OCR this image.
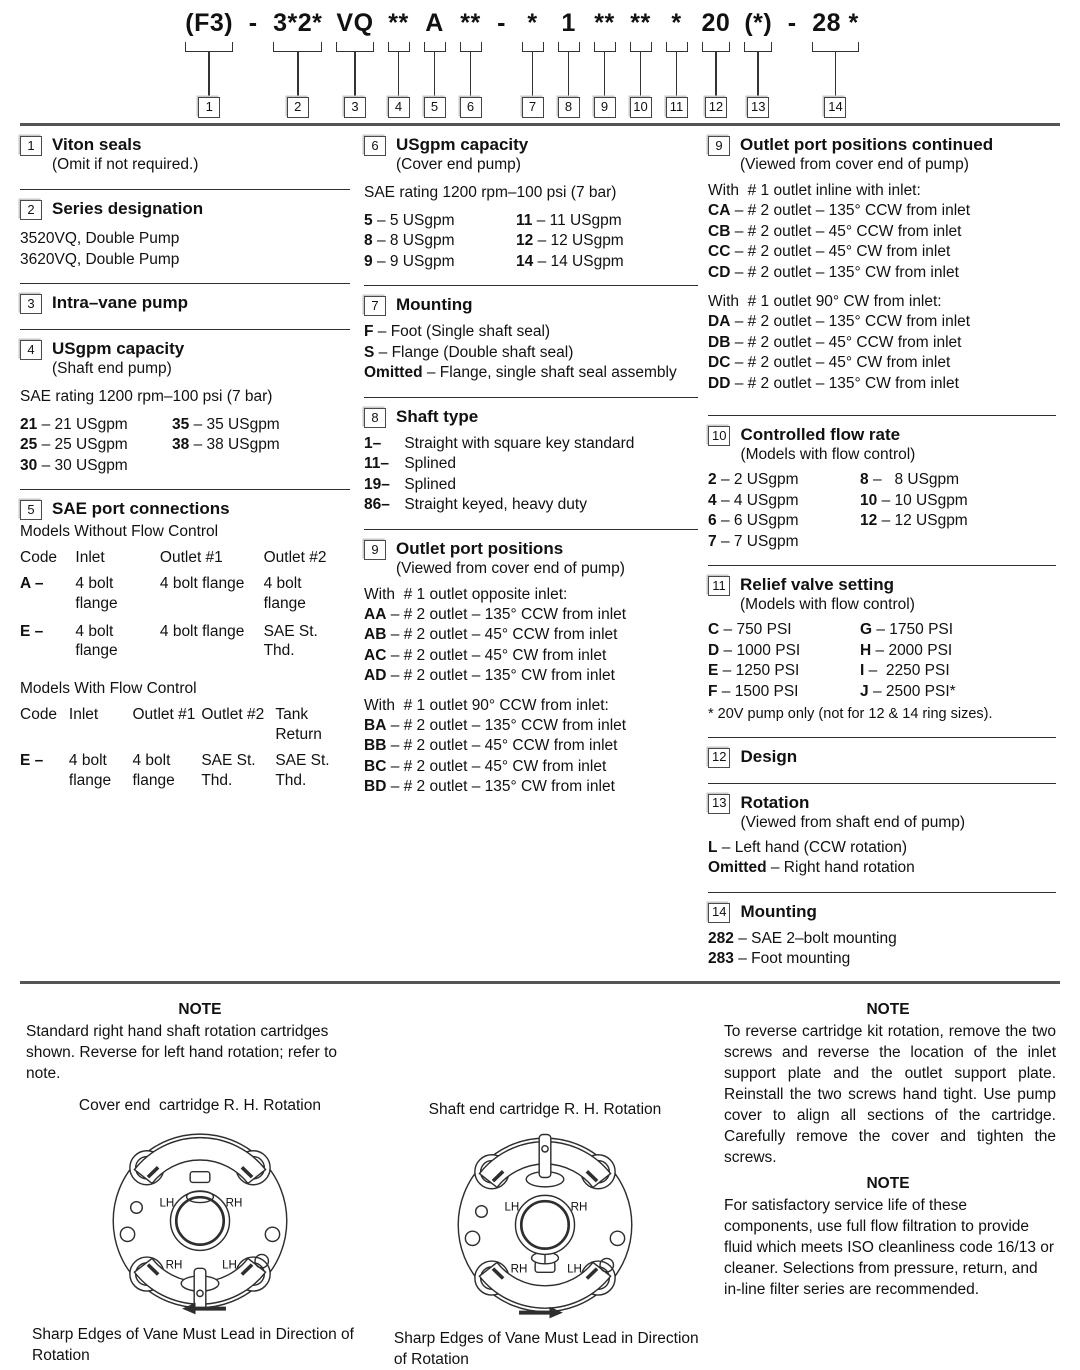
(F3)
1
- 3*2*
2
VQ
3
**
4
A
5
**
6
- *
7
1
8
**
9
**
10
*
11
20
12
(*)
13
- 28 *
14
1	Viton seals
(Omit if not required.)
2	Series designation
3520VQ, Double Pump
3620VQ, Double Pump
3	Intra–vane pump
4	USgpm capacity
(Shaft end pump)
SAE rating 1200 rpm–100 psi (7 bar)
21 – 21 USgpm
25 – 25 USgpm
30 – 30 USgpm
35 – 35 USgpm
38 – 38 USgpm
5	SAE port connections
Models Without Flow Control
Code	Inlet	Outlet #1	Outlet #2
A –	4 bolt flange	4 bolt flange	4 bolt flange
E –	4 bolt flange	4 bolt flange	SAE St. Thd.
Models With Flow Control
Code	Inlet	Outlet #1	Outlet #2	Tank Return
E –	4 bolt flange	4 bolt flange	SAE St. Thd.	SAE St. Thd.
6	USgpm capacity
(Cover end pump)
SAE rating 1200 rpm–100 psi (7 bar)
5 – 5 USgpm
8 – 8 USgpm
9 – 9 USgpm
11 – 11 USgpm
12 – 12 USgpm
14 – 14 USgpm
7	Mounting
F – Foot (Single shaft seal)
S – Flange (Double shaft seal)
Omitted – Flange, single shaft seal assembly
8	Shaft type
1– Straight with square key standard
11– Splined
19– Splined
86– Straight keyed, heavy duty
9	Outlet port positions
(Viewed from cover end of pump)
With  # 1 outlet opposite inlet:
AA – # 2 outlet – 135° CCW from inlet
AB – # 2 outlet – 45° CCW from inlet
AC – # 2 outlet – 45° CW from inlet
AD – # 2 outlet – 135° CW from inlet
With  # 1 outlet 90° CCW from inlet:
BA – # 2 outlet – 135° CCW from inlet
BB – # 2 outlet – 45° CCW from inlet
BC – # 2 outlet – 45° CW from inlet
BD – # 2 outlet – 135° CW from inlet
9	Outlet port positions continued
(Viewed from cover end of pump)
With  # 1 outlet inline with inlet:
CA – # 2 outlet – 135° CCW from inlet
CB – # 2 outlet – 45° CCW from inlet
CC – # 2 outlet – 45° CW from inlet
CD – # 2 outlet – 135° CW from inlet
With  # 1 outlet 90° CW from inlet:
DA – # 2 outlet – 135° CCW from inlet
DB – # 2 outlet – 45° CCW from inlet
DC – # 2 outlet – 45° CW from inlet
DD – # 2 outlet – 135° CW from inlet
10 Controlled flow rate
(Models with flow control)
2 – 2 USgpm
4 – 4 USgpm
6 – 6 USgpm
7 – 7 USgpm
8 –   8 USgpm
10 – 10 USgpm
12 – 12 USgpm
11 Relief valve setting
(Models with flow control)
C – 750 PSI
D – 1000 PSI
E – 1250 PSI
F – 1500 PSI
G – 1750 PSI
H – 2000 PSI
I –  2250 PSI
J – 2500 PSI*
* 20V pump only (not for 12 & 14 ring sizes).
12 Design
13 Rotation
(Viewed from shaft end of pump)
L – Left hand (CCW rotation)
Omitted – Right hand rotation
14 Mounting
282 – SAE 2–bolt mounting
283 – Foot mounting
NOTE
Standard right hand shaft rotation cartridges shown. Reverse for left hand rotation; refer to note.
Cover end  cartridge R. H. Rotation
LH	RH
RH	LH
Sharp Edges of Vane Must Lead in Direction of Rotation
Shaft end cartridge R. H. Rotation
LH	RH
RH	LH
Sharp Edges of Vane Must Lead in Direction of Rotation
NOTE
To reverse cartridge kit rotation, remove the two screws and reverse the location of the inlet support plate and the outlet support plate. Reinstall the two screws hand tight. Use pump cover to align all sections of the cartridge. Carefully remove the cover and tighten the screws.
NOTE
For satisfactory service life of these components, use full flow filtration to provide fluid which meets ISO cleanliness code 16/13 or cleaner. Selections from pressure, return, and in-line filter series are recommended.
